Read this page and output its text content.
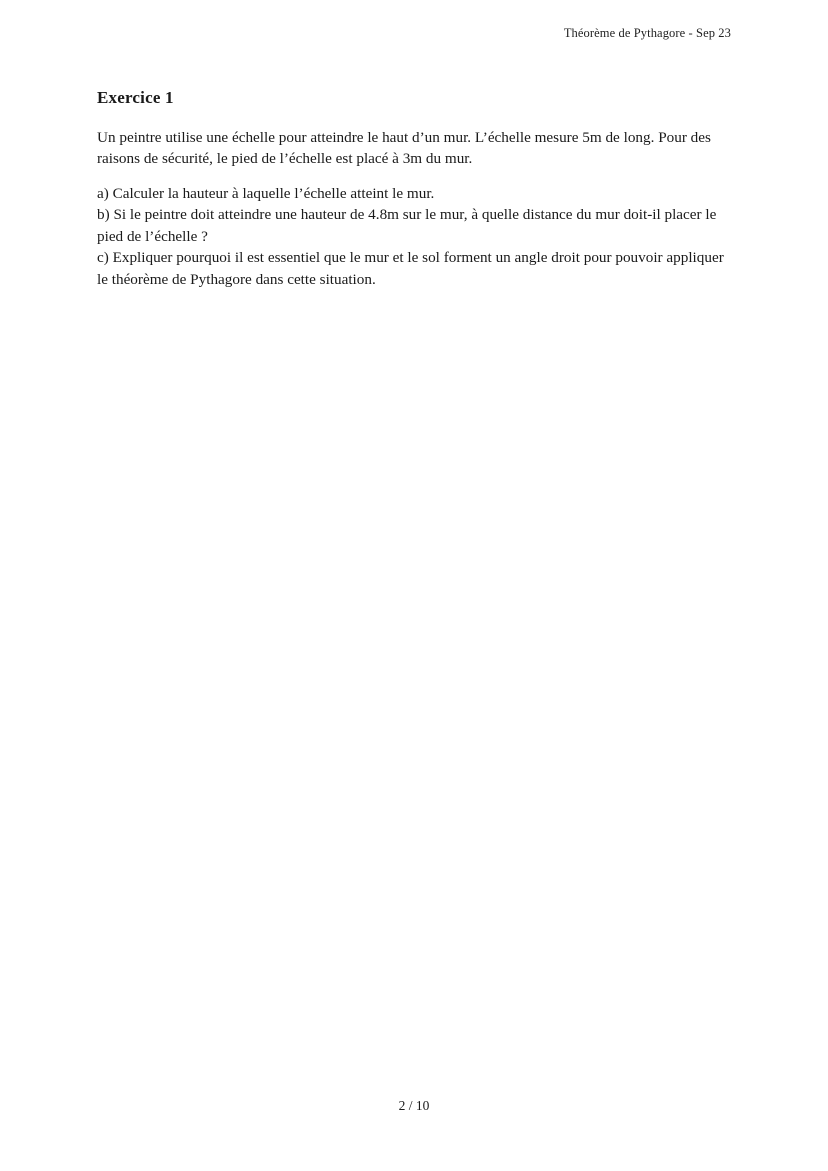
Théorème de Pythagore - Sep 23
Exercice 1

Un peintre utilise une échelle pour atteindre le haut d’un mur. L’échelle mesure 5m de long. Pour des raisons de sécurité, le pied de l’échelle est placé à 3m du mur.

a) Calculer la hauteur à laquelle l’échelle atteint le mur.

b) Si le peintre doit atteindre une hauteur de 4.8m sur le mur, à quelle distance du mur doit-il placer le pied de l’échelle ?

c) Expliquer pourquoi il est essentiel que le mur et le sol forment un angle droit pour pouvoir appliquer le théorème de Pythagore dans cette situation.

2 / 10
